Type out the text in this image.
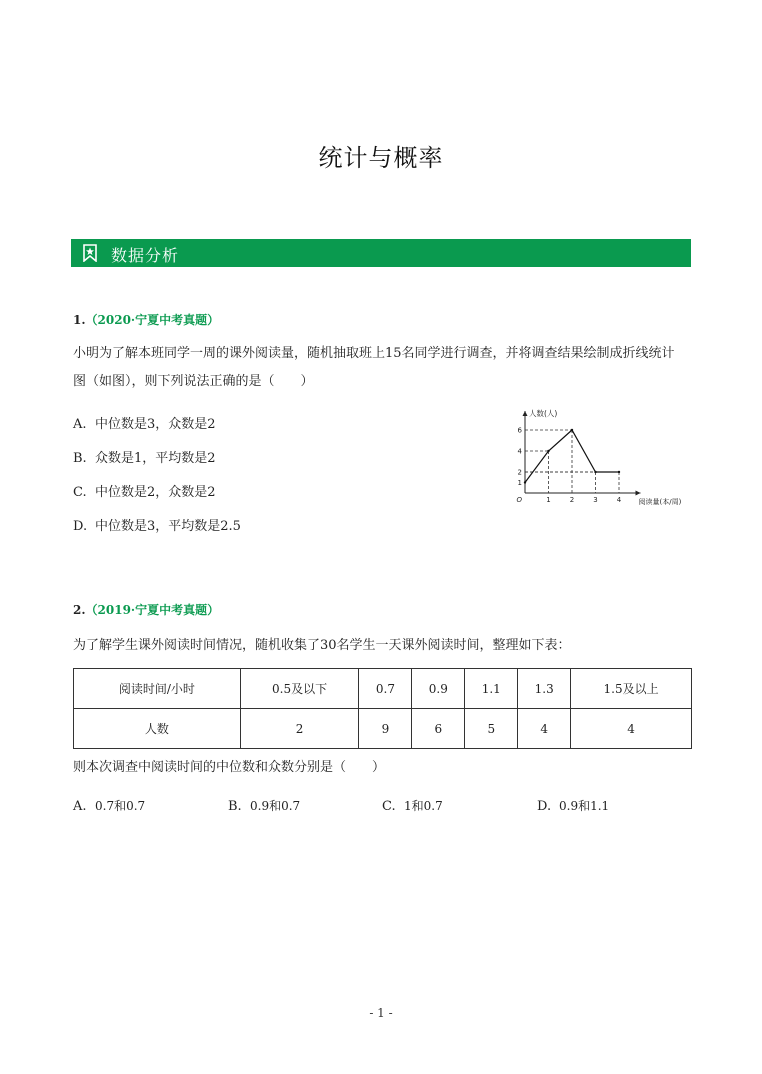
统计与概率
数据分析
1.（2020·宁夏中考真题）
小明为了解本班同学一周的课外阅读量，随机抽取班上15名同学进行调查，并将调查结果绘制成折线统计
图（如图），则下列说法正确的是（　　）
A. 中位数是3，众数是2
B. 众数是1，平均数是2
C. 中位数是2，众数是2
D. 中位数是3，平均数是2.5
1	2	3	4
1
2
4
6
O
人数(人)
阅读量(本/周)
2.（2019·宁夏中考真题）
为了解学生课外阅读时间情况，随机收集了30名学生一天课外阅读时间，整理如下表：
阅读时间/小时	0.5及以下	0.7	0.9	1.1	1.3	1.5及以上
人数	2	9	6	5	4	4
则本次调查中阅读时间的中位数和众数分别是（　　）
A. 0.7和0.7	B. 0.9和0.7	C. 1和0.7	D. 0.9和1.1
- 1 -
